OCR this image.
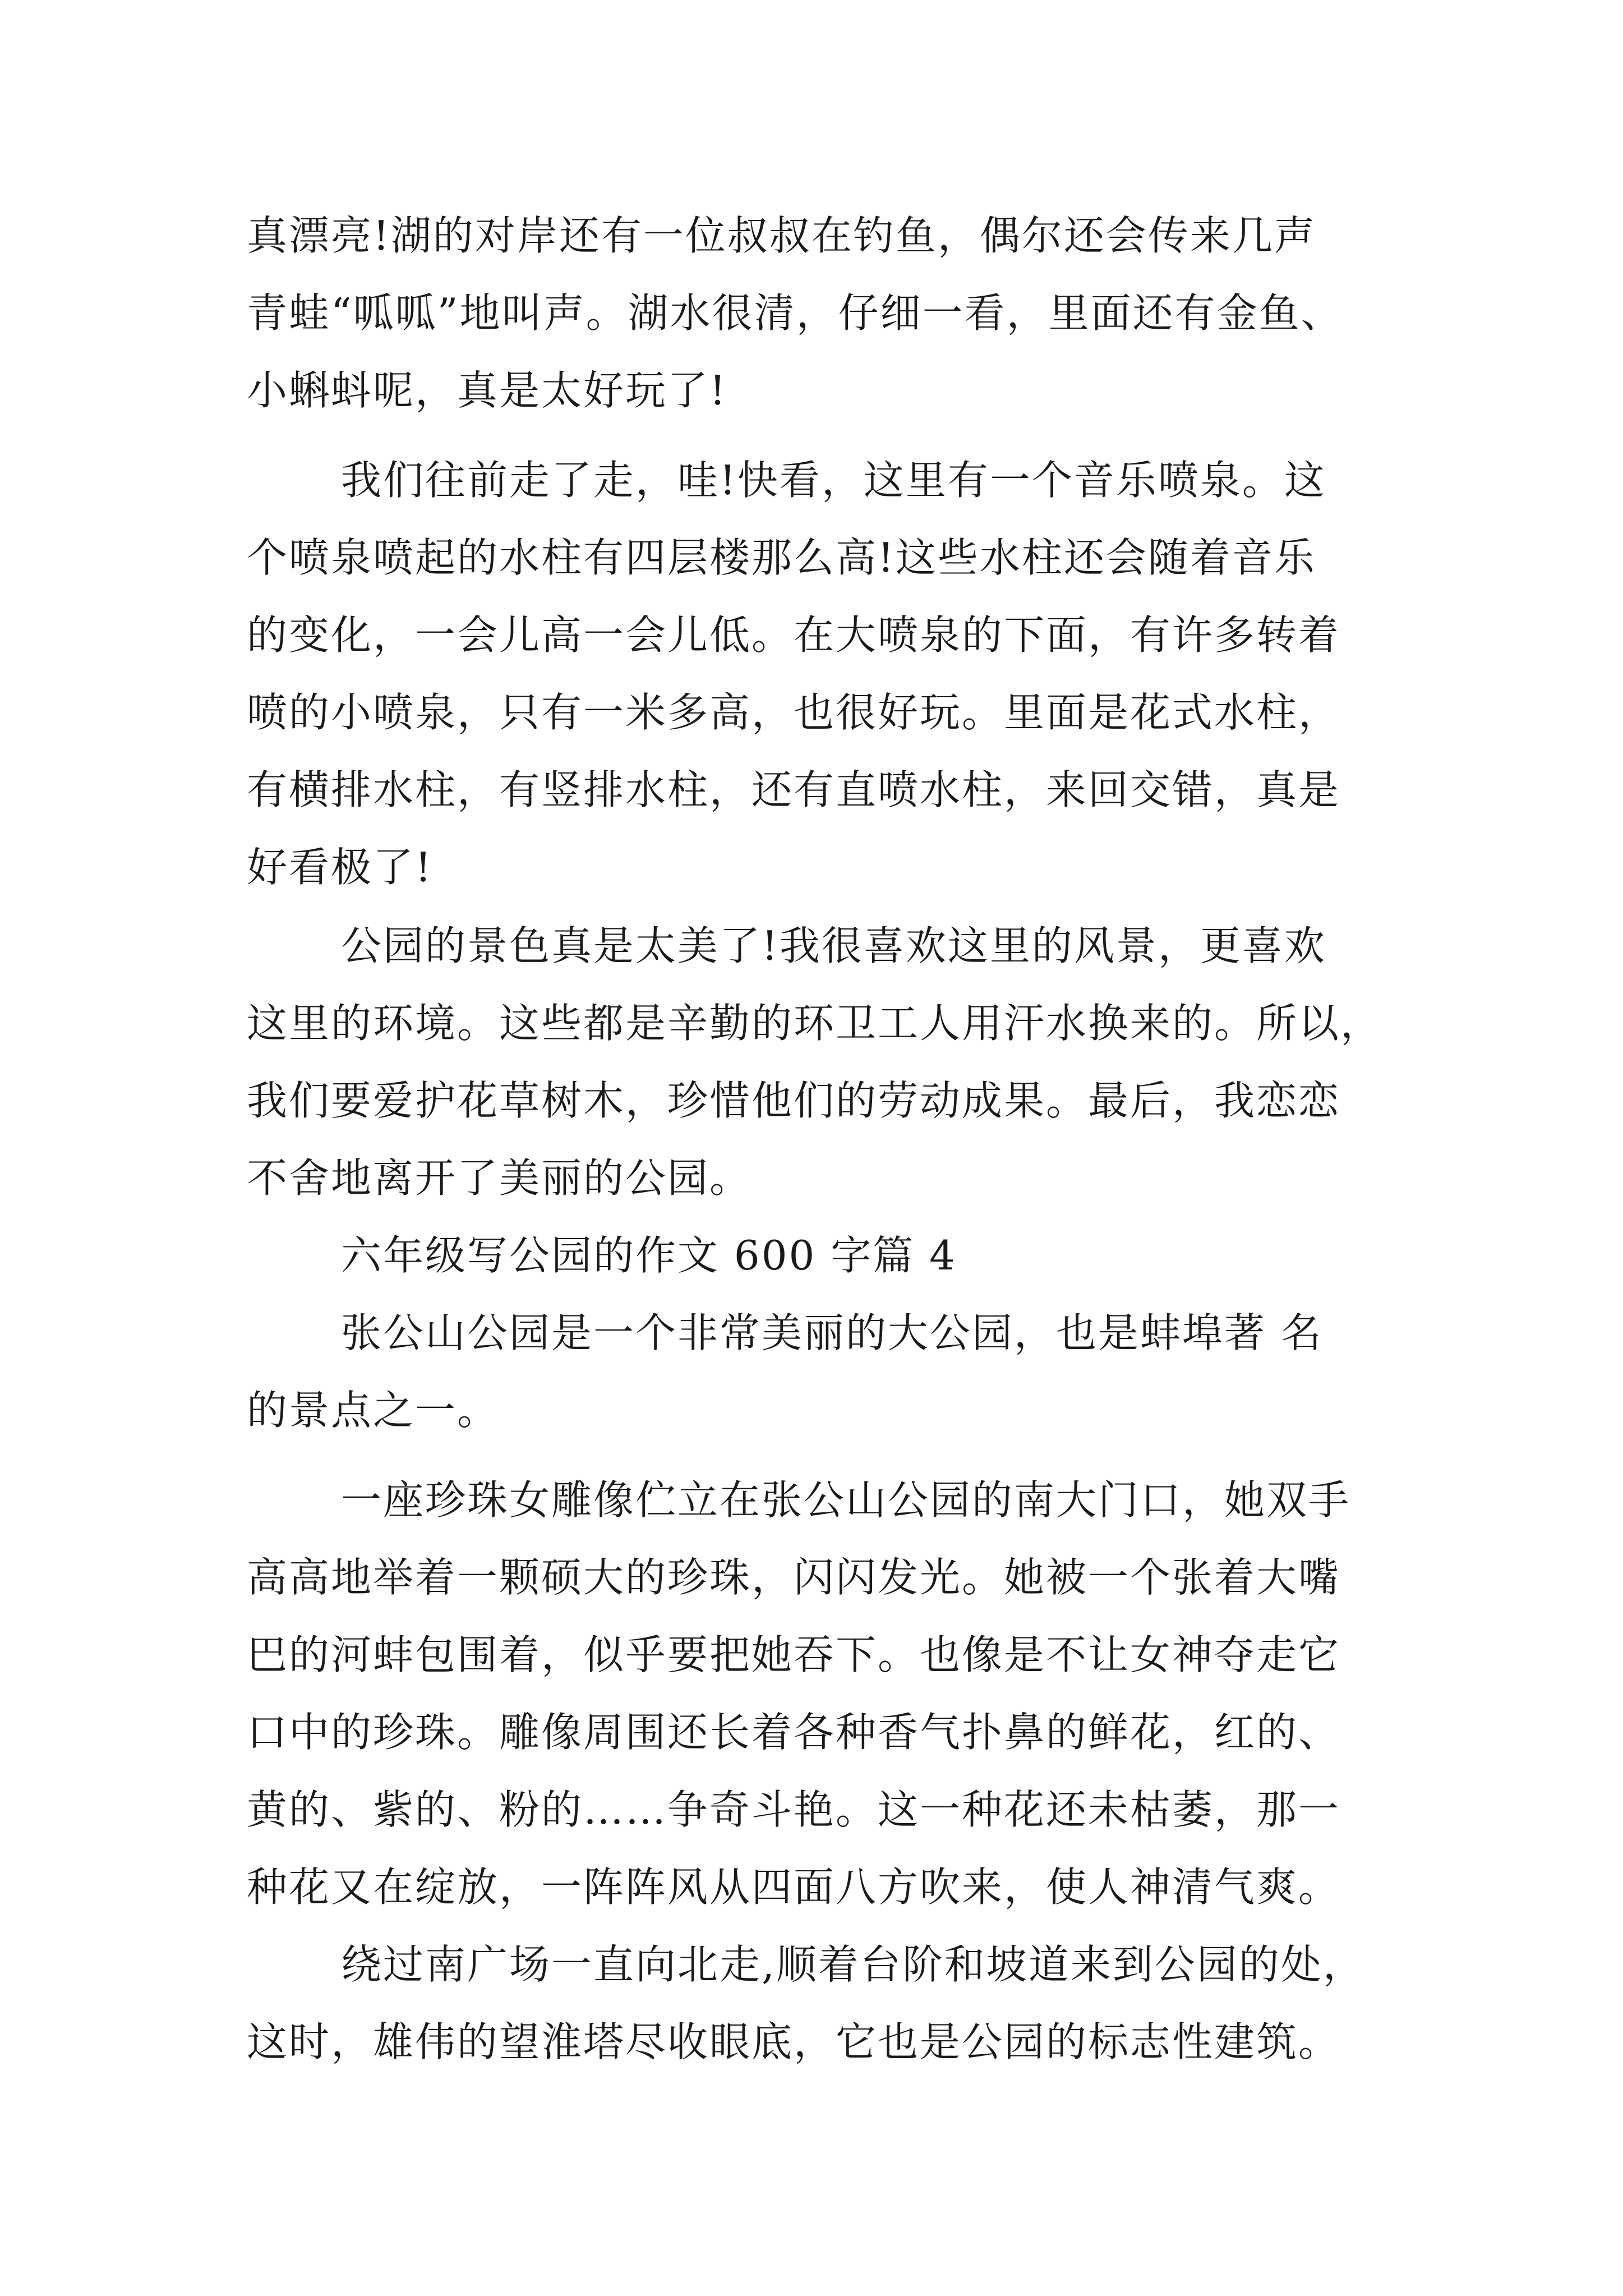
真漂亮!湖的对岸还有一位叔叔在钓鱼，偶尔还会传来几声

青蛙“呱呱”地叫声。湖水很清，仔细一看，里面还有金鱼、

小蝌蚪呢，真是太好玩了!

我们往前走了走，哇!快看，这里有一个音乐喷泉。这

个喷泉喷起的水柱有四层楼那么高!这些水柱还会随着音乐

的变化，一会儿高一会儿低。在大喷泉的下面，有许多转着

喷的小喷泉，只有一米多高，也很好玩。里面是花式水柱，

有横排水柱，有竖排水柱，还有直喷水柱，来回交错，真是

好看极了!

公园的景色真是太美了!我很喜欢这里的风景，更喜欢

这里的环境。这些都是辛勤的环卫工人用汗水换来的。所以，

我们要爱护花草树木，珍惜他们的劳动成果。最后，我恋恋

不舍地离开了美丽的公园。

六年级写公园的作文 600 字篇 4

张公山公园是一个非常美丽的大公园，也是蚌埠著 名

的景点之一。

一座珍珠女雕像伫立在张公山公园的南大门口，她双手

高高地举着一颗硕大的珍珠，闪闪发光。她被一个张着大嘴

巴的河蚌包围着，似乎要把她吞下。也像是不让女神夺走它

口中的珍珠。雕像周围还长着各种香气扑鼻的鲜花，红的、

黄的、紫的、粉的……争奇斗艳。这一种花还未枯萎，那一

种花又在绽放，一阵阵风从四面八方吹来，使人神清气爽。

绕过南广场一直向北走,顺着台阶和坡道来到公园的处，

这时，雄伟的望淮塔尽收眼底，它也是公园的标志性建筑。
